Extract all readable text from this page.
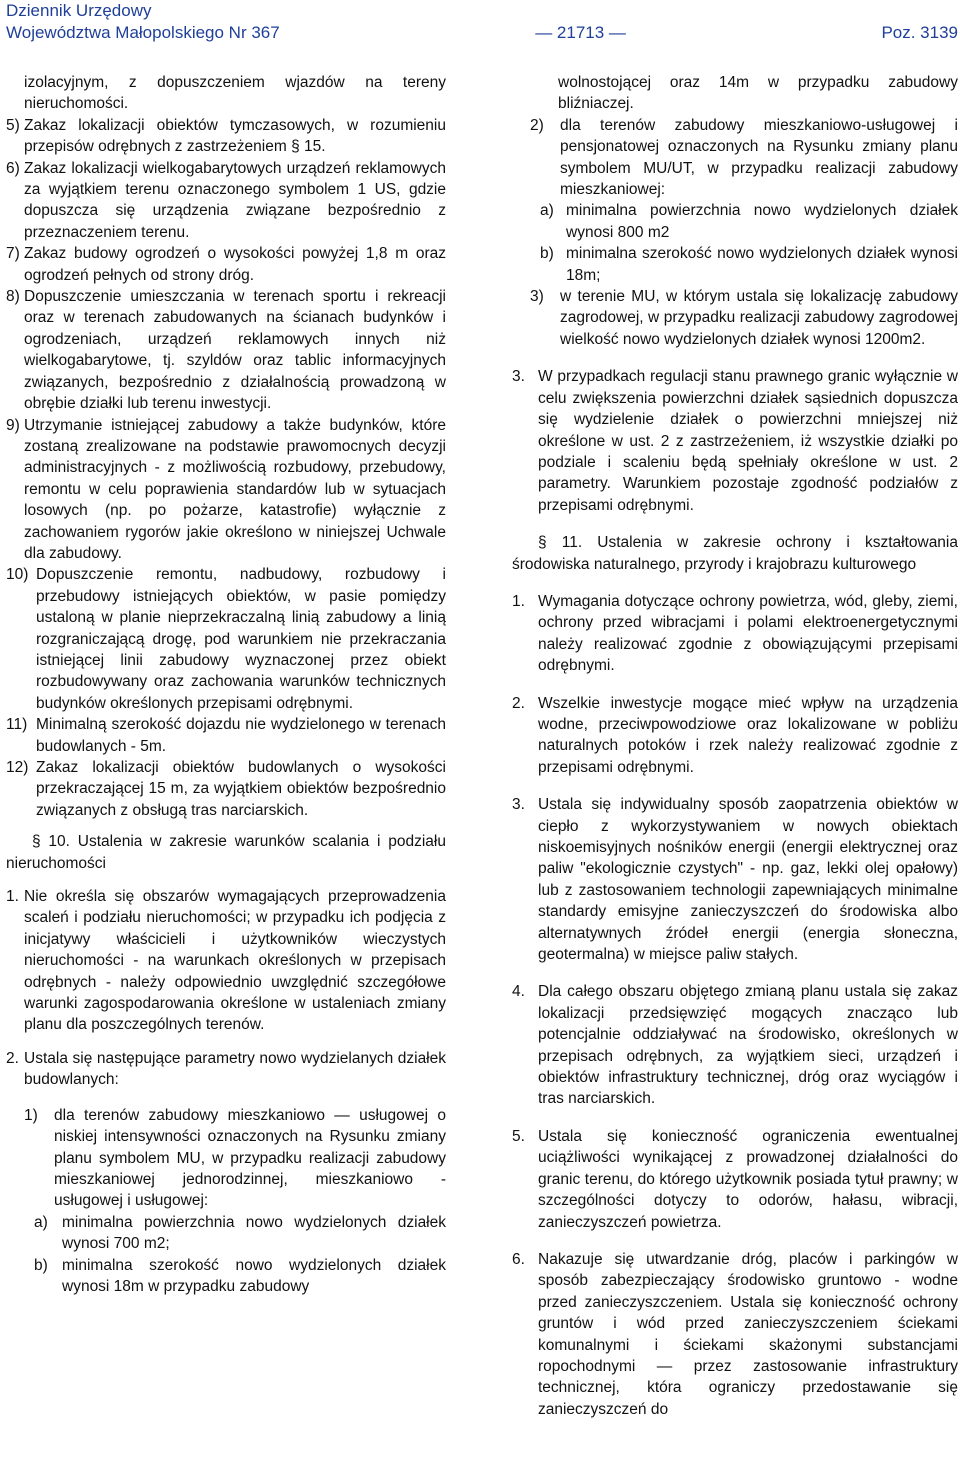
Dziennik Urzędowy
Województwa Małopolskiego Nr 367	— 21713 —	Poz. 3139

izolacyjnym, z dopuszczeniem wjazdów na tereny nieruchomości.

5) Zakaz lokalizacji obiektów tymczasowych, w rozumieniu przepisów odrębnych z zastrzeżeniem § 15.
6) Zakaz lokalizacji wielkogabarytowych urządzeń reklamowych za wyjątkiem terenu oznaczonego symbolem 1 US, gdzie dopuszcza się urządzenia związane bezpośrednio z przeznaczeniem terenu.
7) Zakaz budowy ogrodzeń o wysokości powyżej 1,8 m oraz ogrodzeń pełnych od strony dróg.
8) Dopuszczenie umieszczania w terenach sportu i rekreacji oraz w terenach zabudowanych na ścianach budynków i ogrodzeniach, urządzeń reklamowych innych niż wielkogabarytowe, tj. szyldów oraz tablic informacyjnych związanych, bezpośrednio z działalnością prowadzoną w obrębie działki lub terenu inwestycji.
9) Utrzymanie istniejącej zabudowy a także budynków, które zostaną zrealizowane na podstawie prawomocnych decyzji administracyjnych - z możliwością rozbudowy, przebudowy, remontu w celu poprawienia standardów lub w sytuacjach losowych (np. po pożarze, katastrofie) wyłącznie z zachowaniem rygorów jakie określono w niniejszej Uchwale dla zabudowy.
10) Dopuszczenie remontu, nadbudowy, rozbudowy i przebudowy istniejących obiektów, w pasie pomiędzy ustaloną w planie nieprzekraczalną linią zabudowy a linią rozgraniczającą drogę, pod warunkiem nie przekraczania istniejącej linii zabudowy wyznaczonej przez obiekt rozbudowywany oraz zachowania warunków technicznych budynków określonych przepisami odrębnymi.
11) Minimalną szerokość dojazdu nie wydzielonego w terenach budowlanych - 5m.
12) Zakaz lokalizacji obiektów budowlanych o wysokości przekraczającej 15 m, za wyjątkiem obiektów bezpośrednio związanych z obsługą tras narciarskich.

§ 10. Ustalenia w zakresie warunków scalania i podziału nieruchomości

1. Nie określa się obszarów wymagających przeprowadzenia scaleń i podziału nieruchomości; w przypadku ich podjęcia z inicjatywy właścicieli i użytkowników wieczystych nieruchomości - na warunkach określonych w przepisach odrębnych - należy odpowiednio uwzględnić szczegółowe warunki zagospodarowania określone w ustaleniach zmiany planu dla poszczególnych terenów.
2. Ustala się następujące parametry nowo wydzielanych działek budowlanych:
1)	dla terenów zabudowy mieszkaniowo — usługowej o niskiej intensywności oznaczonych na Rysunku zmiany planu symbolem MU, w przypadku realizacji zabudowy mieszkaniowej jednorodzinnej, mieszkaniowo - usługowej i usługowej:
a) minimalna powierzchnia nowo wydzielonych działek wynosi 700 m2;
b) minimalna szerokość nowo wydzielonych działek wynosi 18m w przypadku zabudowy

wolnostojącej oraz 14m w przypadku zabudowy bliźniaczej.

2)	dla terenów zabudowy mieszkaniowo-usługowej i pensjonatowej oznaczonych na Rysunku zmiany planu symbolem MU/UT, w przypadku realizacji zabudowy mieszkaniowej:
a) minimalna powierzchnia nowo wydzielonych działek wynosi 800 m2
b) minimalna szerokość nowo wydzielonych działek wynosi 18m;
3)	w terenie MU, w którym ustala się lokalizację zabudowy zagrodowej, w przypadku realizacji zabudowy zagrodowej wielkość nowo wydzielonych działek wynosi 1200m2.
3. W przypadkach regulacji stanu prawnego granic wyłącznie w celu zwiększenia powierzchni działek sąsiednich dopuszcza się wydzielenie działek o powierzchni mniejszej niż określone w ust. 2 z zastrzeżeniem, iż wszystkie działki po podziale i scaleniu będą spełniały określone w ust. 2 parametry. Warunkiem pozostaje zgodność podziałów z przepisami odrębnymi.

§ 11. Ustalenia w zakresie ochrony i kształtowania środowiska naturalnego, przyrody i krajobrazu kulturowego

1. Wymagania dotyczące ochrony powietrza, wód, gleby, ziemi, ochrony przed wibracjami i polami elektroenergetycznymi należy realizować zgodnie z obowiązującymi przepisami odrębnymi.
2. Wszelkie inwestycje mogące mieć wpływ na urządzenia wodne, przeciwpowodziowe oraz lokalizowane w pobliżu naturalnych potoków i rzek należy realizować zgodnie z przepisami odrębnymi.
3. Ustala się indywidualny sposób zaopatrzenia obiektów w ciepło z wykorzystywaniem w nowych obiektach niskoemisyjnych nośników energii (energii elektrycznej oraz paliw "ekologicznie czystych" - np. gaz, lekki olej opałowy) lub z zastosowaniem technologii zapewniających minimalne standardy emisyjne zanieczyszczeń do środowiska albo alternatywnych źródeł energii (energia słoneczna, geotermalna) w miejsce paliw stałych.
4. Dla całego obszaru objętego zmianą planu ustala się zakaz lokalizacji przedsięwzięć mogących znacząco lub potencjalnie oddziaływać na środowisko, określonych w przepisach odrębnych, za wyjątkiem sieci, urządzeń i obiektów infrastruktury technicznej, dróg oraz wyciągów i tras narciarskich.
5. Ustala się konieczność ograniczenia ewentualnej uciążliwości wynikającej z prowadzonej działalności do granic terenu, do którego użytkownik posiada tytuł prawny; w szczególności dotyczy to odorów, hałasu, wibracji, zanieczyszczeń powietrza.
6. Nakazuje się utwardzanie dróg, placów i parkingów w sposób zabezpieczający środowisko gruntowo - wodne przed zanieczyszczeniem. Ustala się konieczność ochrony gruntów i wód przed zanieczyszczeniem ściekami komunalnymi i ściekami skażonymi substancjami ropochodnymi — przez zastosowanie infrastruktury technicznej, która ograniczy przedostawanie się zanieczyszczeń do
